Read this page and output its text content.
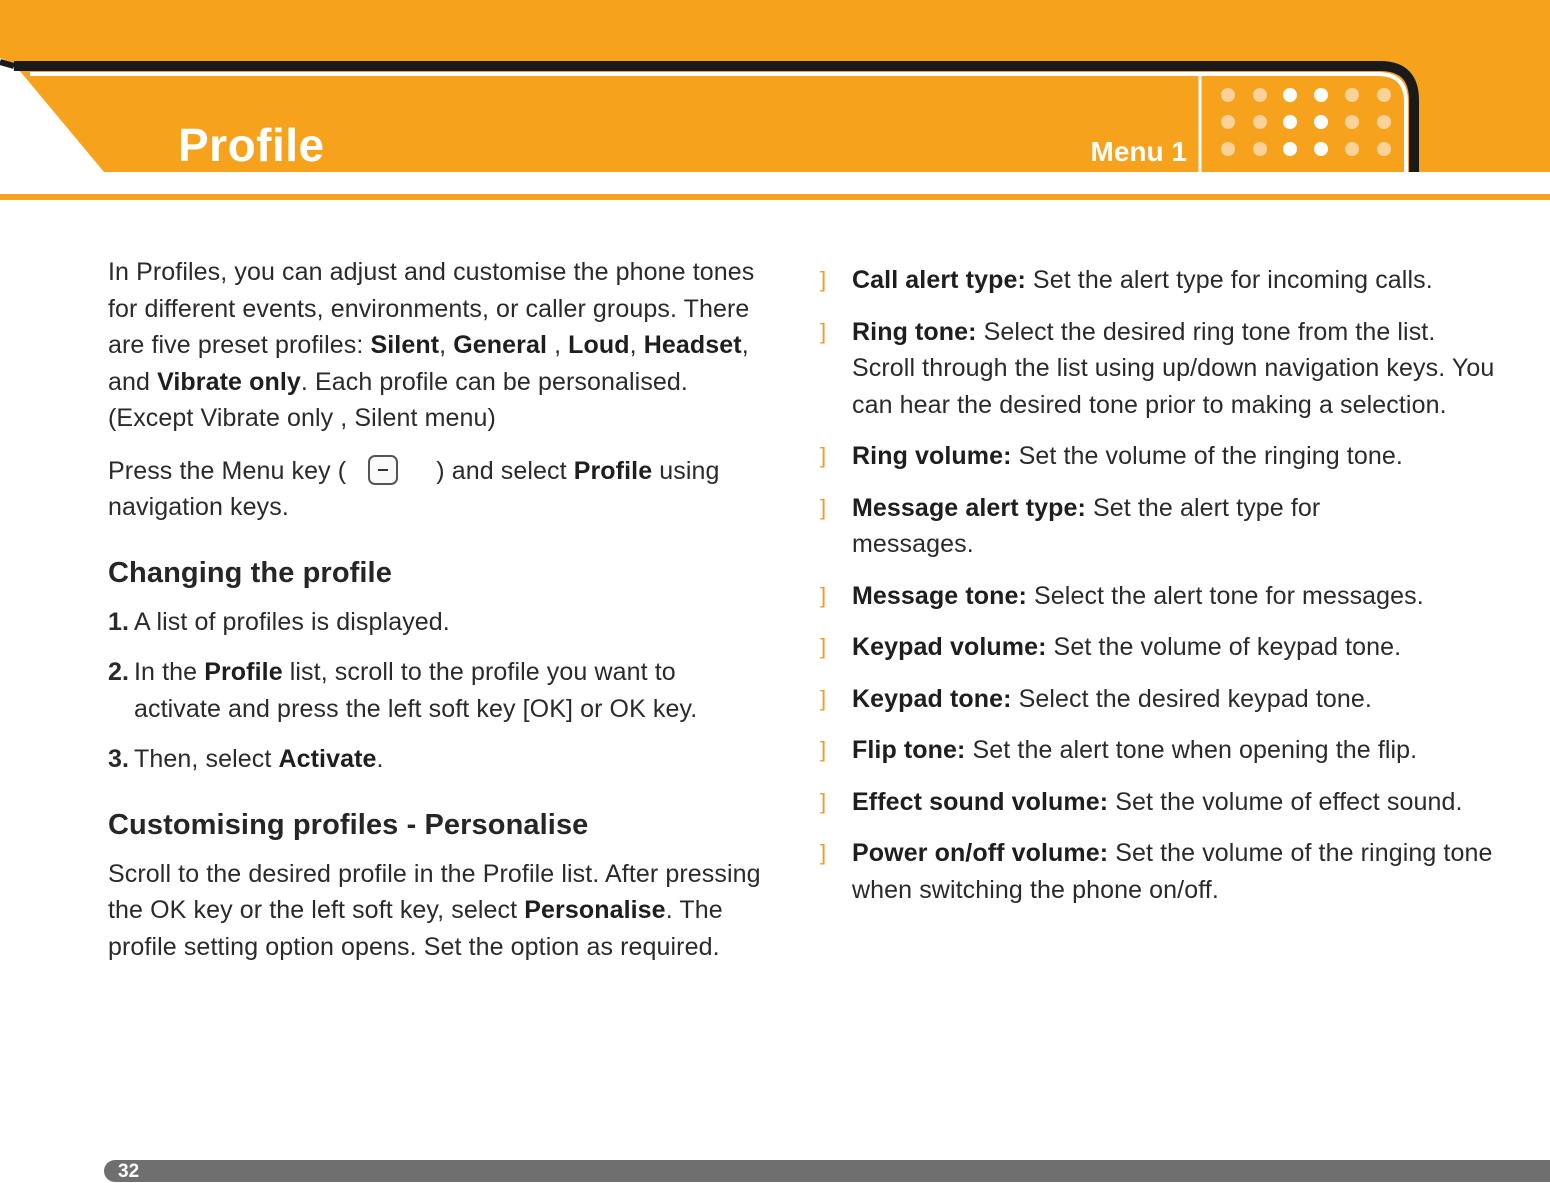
Profile	Menu 1

In Profiles, you can adjust and customise the phone tones for different events, environments, or caller groups. There are five preset profiles: Silent, General , Loud, Headset, and Vibrate only. Each profile can be personalised. (Except Vibrate only , Silent menu)

Press the Menu key (	) and select Profile using navigation keys.

Changing the profile
1. A list of profiles is displayed.
2. In the Profile list, scroll to the profile you want to activate and press the left soft key [OK] or OK key.
3. Then, select Activate.
Customising profiles - Personalise

Scroll to the desired profile in the Profile list. After pressing the OK key or the left soft key, select Personalise. The profile setting option opens. Set the option as required.

] Call alert type: Set the alert type for incoming calls.
] Ring tone: Select the desired ring tone from the list. Scroll through the list using up/down navigation keys. You can hear the desired tone prior to making a selection.
] Ring volume: Set the volume of the ringing tone.
] Message alert type: Set the alert type for messages.
] Message tone: Select the alert tone for messages.
] Keypad volume: Set the volume of keypad tone.
] Keypad tone: Select the desired keypad tone.
] Flip tone: Set the alert tone when opening the flip.
] Effect sound volume: Set the volume of effect sound.
] Power on/off volume: Set the volume of the ringing tone when switching the phone on/off.
32
